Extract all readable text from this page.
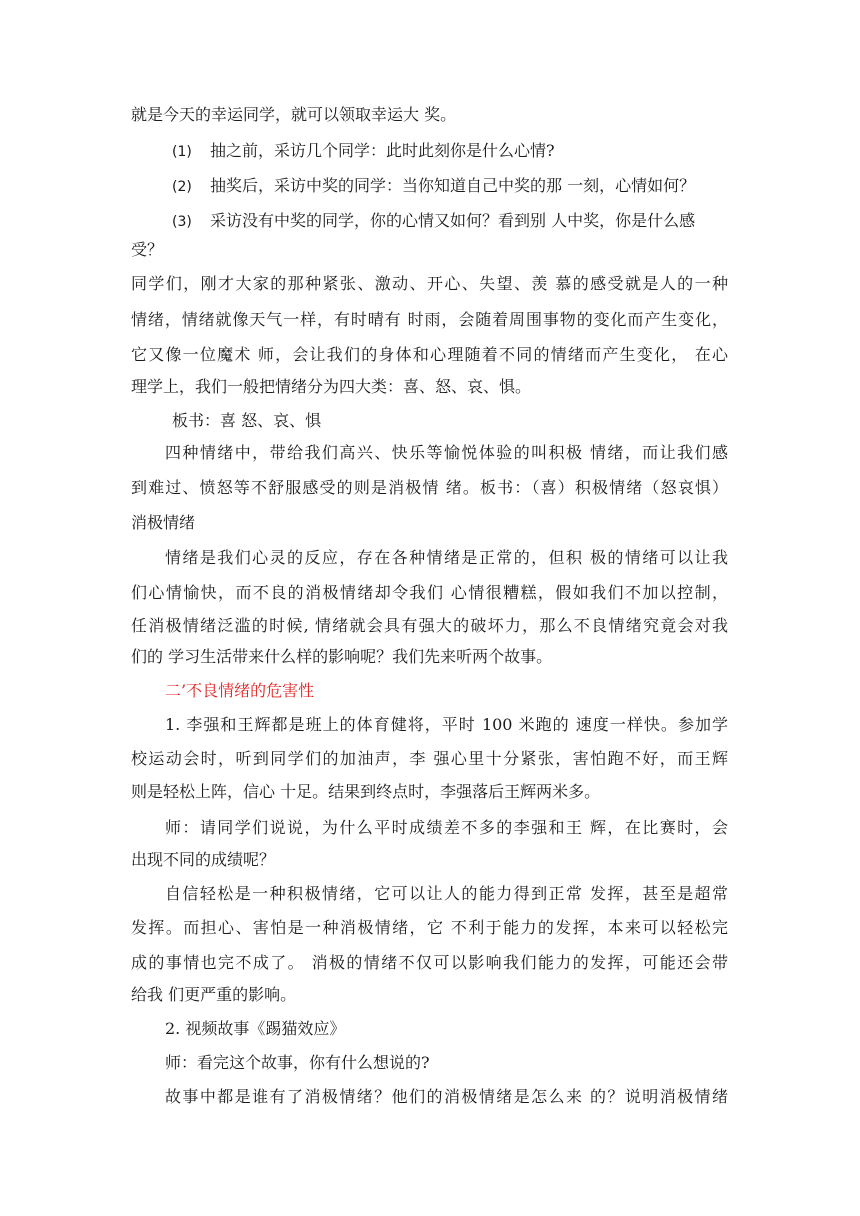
就是今天的幸运同学，就可以领取幸运大 奖。
(1) 抽之前，采访几个同学：此时此刻你是什么心情?
(2) 抽奖后，采访中奖的同学：当你知道自己中奖的那 一刻，心情如何？
(3) 采访没有中奖的同学，你的心情又如何？看到别 人中奖，你是什么感
受？
同学们，刚才大家的那种紧张、激动、开心、失望、羡 慕的感受就是人的一种
情绪，情绪就像天气一样，有时晴有 时雨，会随着周围事物的变化而产生变化，
它又像一位魔术 师，会让我们的身体和心理随着不同的情绪而产生变化， 在心
理学上，我们一般把情绪分为四大类：喜、怒、哀、惧。
板书：喜 怒、哀、惧
四种情绪中，带给我们高兴、快乐等愉悦体验的叫积极 情绪，而让我们感
到难过、愤怒等不舒服感受的则是消极情 绪。板书：（喜）积极情绪（怒哀惧）
消极情绪
情绪是我们心灵的反应，存在各种情绪是正常的，但积 极的情绪可以让我
们心情愉快，而不良的消极情绪却令我们 心情很糟糕，假如我们不加以控制，
任消极情绪泛滥的时候, 情绪就会具有强大的破坏力，那么不良情绪究竟会对我
们的 学习生活带来什么样的影响呢？我们先来听两个故事。
二’不良情绪的危害性
1. 李强和王辉都是班上的体育健将，平时 100 米跑的 速度一样快。参加学
校运动会时，听到同学们的加油声，李 强心里十分紧张，害怕跑不好，而王辉
则是轻松上阵，信心 十足。结果到终点时，李强落后王辉两米多。
师：请同学们说说，为什么平时成绩差不多的李强和王 辉，在比赛时，会
出现不同的成绩呢？
自信轻松是一种积极情绪，它可以让人的能力得到正常 发挥，甚至是超常
发挥。而担心、害怕是一种消极情绪，它 不利于能力的发挥，本来可以轻松完
成的事情也完不成了。 消极的情绪不仅可以影响我们能力的发挥，可能还会带
给我 们更严重的影响。
2. 视频故事《踢猫效应》
师：看完这个故事，你有什么想说的?
故事中都是谁有了消极情绪？他们的消极情绪是怎么来 的？说明消极情绪
